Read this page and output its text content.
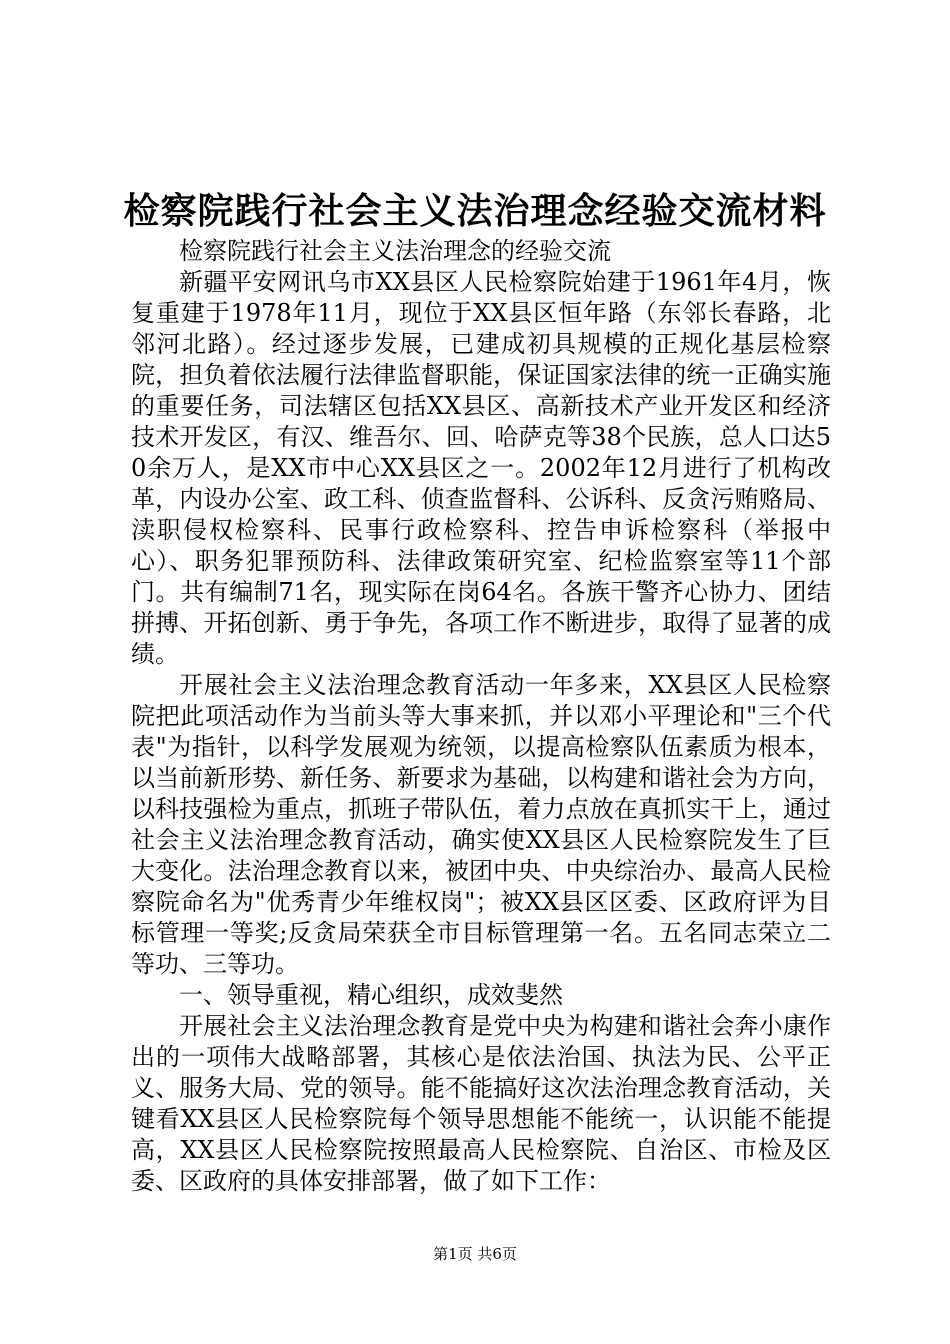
检察院践行社会主义法治理念经验交流材料

检察院践行社会主义法治理念的经验交流

新疆平安网讯乌市XX县区人民检察院始建于1961年4月，恢复重建于1978年11月，现位于XX县区恒年路（东邻长春路，北邻河北路）。经过逐步发展，已建成初具规模的正规化基层检察院，担负着依法履行法律监督职能，保证国家法律的统一正确实施的重要任务，司法辖区包括XX县区、高新技术产业开发区和经济技术开发区，有汉、维吾尔、回、哈萨克等38个民族，总人口达50余万人，是XX市中心XX县区之一。2002年12月进行了机构改革，内设办公室、政工科、侦查监督科、公诉科、反贪污贿赂局、渎职侵权检察科、民事行政检察科、控告申诉检察科（举报中心）、职务犯罪预防科、法律政策研究室、纪检监察室等11个部门。共有编制71名，现实际在岗64名。各族干警齐心协力、团结拼搏、开拓创新、勇于争先，各项工作不断进步，取得了显著的成绩。

开展社会主义法治理念教育活动一年多来，XX县区人民检察院把此项活动作为当前头等大事来抓，并以邓小平理论和"三个代表"为指针，以科学发展观为统领，以提高检察队伍素质为根本，以当前新形势、新任务、新要求为基础，以构建和谐社会为方向，以科技强检为重点，抓班子带队伍，着力点放在真抓实干上，通过社会主义法治理念教育活动，确实使XX县区人民检察院发生了巨大变化。法治理念教育以来，被团中央、中央综治办、最高人民检察院命名为"优秀青少年维权岗"；被XX县区区委、区政府评为目标管理一等奖;反贪局荣获全市目标管理第一名。五名同志荣立二等功、三等功。

一、领导重视，精心组织，成效斐然

开展社会主义法治理念教育是党中央为构建和谐社会奔小康作出的一项伟大战略部署，其核心是依法治国、执法为民、公平正义、服务大局、党的领导。能不能搞好这次法治理念教育活动，关键看XX县区人民检察院每个领导思想能不能统一，认识能不能提高，XX县区人民检察院按照最高人民检察院、自治区、市检及区委、区政府的具体安排部署，做了如下工作：

第1页 共6页
